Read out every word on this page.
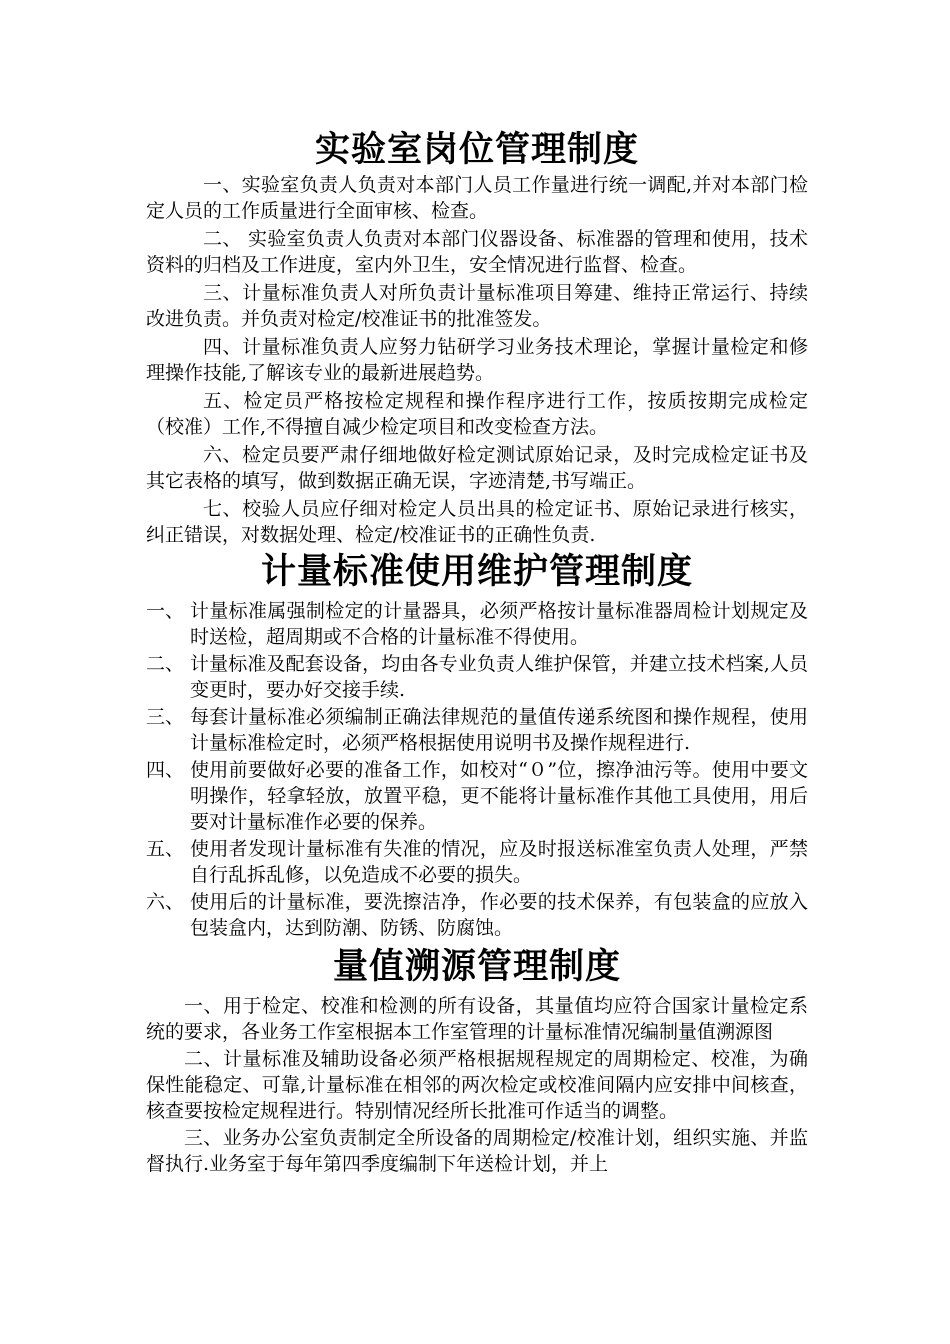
实验室岗位管理制度

一、实验室负责人负责对本部门人员工作量进行统一调配,并对本部门检定人员的工作质量进行全面审核、检查。

二、 实验室负责人负责对本部门仪器设备、标准器的管理和使用，技术资料的归档及工作进度，室内外卫生，安全情况进行监督、检查。

三、计量标准负责人对所负责计量标准项目筹建、维持正常运行、持续改进负责。并负责对检定/校准证书的批准签发。

四、计量标准负责人应努力钻研学习业务技术理论，掌握计量检定和修理操作技能,了解该专业的最新进展趋势。

五、检定员严格按检定规程和操作程序进行工作，按质按期完成检定（校准）工作,不得擅自减少检定项目和改变检查方法。

六、检定员要严肃仔细地做好检定测试原始记录，及时完成检定证书及其它表格的填写，做到数据正确无误，字迹清楚,书写端正。

七、校验人员应仔细对检定人员出具的检定证书、原始记录进行核实，纠正错误，对数据处理、检定/校准证书的正确性负责.

计量标准使用维护管理制度
一、 计量标准属强制检定的计量器具，必须严格按计量标准器周检计划规定及时送检，超周期或不合格的计量标准不得使用。
二、 计量标准及配套设备，均由各专业负责人维护保管，并建立技术档案,人员变更时，要办好交接手续.
三、 每套计量标准必须编制正确法律规范的量值传递系统图和操作规程，使用计量标准检定时，必须严格根据使用说明书及操作规程进行.
四、 使用前要做好必要的准备工作，如校对“０”位，擦净油污等。使用中要文明操作，轻拿轻放，放置平稳，更不能将计量标准作其他工具使用，用后要对计量标准作必要的保养。
五、 使用者发现计量标准有失准的情况，应及时报送标准室负责人处理，严禁自行乱拆乱修，以免造成不必要的损失。
六、 使用后的计量标准，要洗擦洁净，作必要的技术保养，有包装盒的应放入包装盒内，达到防潮、防锈、防腐蚀。
量值溯源管理制度

一、用于检定、校准和检测的所有设备，其量值均应符合国家计量检定系统的要求，各业务工作室根据本工作室管理的计量标准情况编制量值溯源图

二、计量标准及辅助设备必须严格根据规程规定的周期检定、校准，为确保性能稳定、可靠,计量标准在相邻的两次检定或校准间隔内应安排中间核查，核查要按检定规程进行。特别情况经所长批准可作适当的调整。

三、业务办公室负责制定全所设备的周期检定/校准计划，组织实施、并监督执行.业务室于每年第四季度编制下年送检计划，并上
